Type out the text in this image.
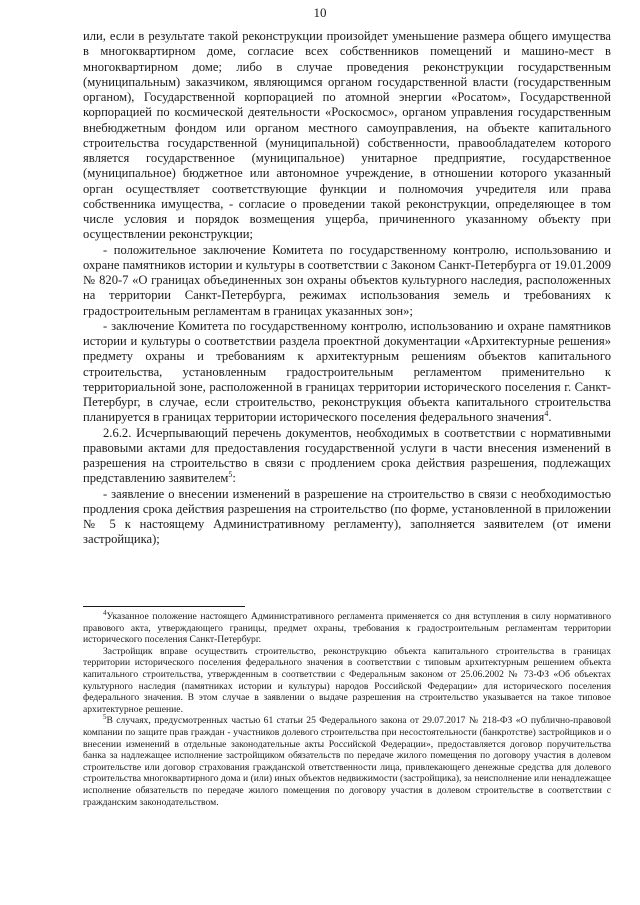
10

или, если в результате такой реконструкции произойдет уменьшение размера общего имущества в многоквартирном доме, согласие всех собственников помещений и машино-мест в многоквартирном доме; либо в случае проведения реконструкции государственным (муниципальным) заказчиком, являющимся органом государственной власти (государственным органом), Государственной корпорацией по атомной энергии «Росатом», Государственной корпорацией по космической деятельности «Роскосмос», органом управления государственным внебюджетным фондом или органом местного самоуправления, на объекте капитального строительства государственной (муниципальной) собственности, правообладателем которого является государственное (муниципальное) унитарное предприятие, государственное (муниципальное) бюджетное или автономное учреждение, в отношении которого указанный орган осуществляет соответствующие функции и полномочия учредителя или права собственника имущества, - согласие о проведении такой реконструкции, определяющее в том числе условия и порядок возмещения ущерба, причиненного указанному объекту при осуществлении реконструкции;

- положительное заключение Комитета по государственному контролю, использованию и охране памятников истории и культуры в соответствии с Законом Санкт-Петербурга от 19.01.2009 № 820-7 «О границах объединенных зон охраны объектов культурного наследия, расположенных на территории Санкт-Петербурга, режимах использования земель и требованиях к градостроительным регламентам в границах указанных зон»;

- заключение Комитета по государственному контролю, использованию и охране памятников истории и культуры о соответствии раздела проектной документации «Архитектурные решения» предмету охраны и требованиям к архитектурным решениям объектов капитального строительства, установленным градостроительным регламентом применительно к территориальной зоне, расположенной в границах территории исторического поселения г. Санкт-Петербург, в случае, если строительство, реконструкция объекта капитального строительства планируется в границах территории исторического поселения федерального значения$^4$.

2.6.2. Исчерпывающий перечень документов, необходимых в соответствии с нормативными правовыми актами для предоставления государственной услуги в части внесения изменений в разрешения на строительство в связи с продлением срока действия разрешения, подлежащих представлению заявителем$^5$:

- заявление о внесении изменений в разрешение на строительство в связи с необходимостью продления срока действия разрешения на строительство (по форме, установленной в приложении № 5 к настоящему Административному регламенту), заполняется заявителем (от имени застройщика);

$^4$Указанное положение настоящего Административного регламента применяется со дня вступления в силу нормативного правового акта, утверждающего границы, предмет охраны, требования к градостроительным регламентам территории исторического поселения Санкт-Петербург.

Застройщик вправе осуществить строительство, реконструкцию объекта капитального строительства в границах территории исторического поселения федерального значения в соответствии с типовым архитектурным решением объекта капитального строительства, утвержденным в соответствии с Федеральным законом от 25.06.2002 № 73-ФЗ «Об объектах культурного наследия (памятниках истории и культуры) народов Российской Федерации» для исторического поселения федерального значения. В этом случае в заявлении о выдаче разрешения на строительство указывается на такое типовое архитектурное решение.

$^5$В случаях, предусмотренных частью 61 статьи 25 Федерального закона от 29.07.2017 № 218-ФЗ «О публично-правовой компании по защите прав граждан - участников долевого строительства при несостоятельности (банкротстве) застройщиков и о внесении изменений в отдельные законодательные акты Российской Федерации», предоставляется договор поручительства банка за надлежащее исполнение застройщиком обязательств по передаче жилого помещения по договору участия в долевом строительстве или договор страхования гражданской ответственности лица, привлекающего денежные средства для долевого строительства многоквартирного дома и (или) иных объектов недвижимости (застройщика), за неисполнение или ненадлежащее исполнение обязательств по передаче жилого помещения по договору участия в долевом строительстве в соответствии с гражданским законодательством.
